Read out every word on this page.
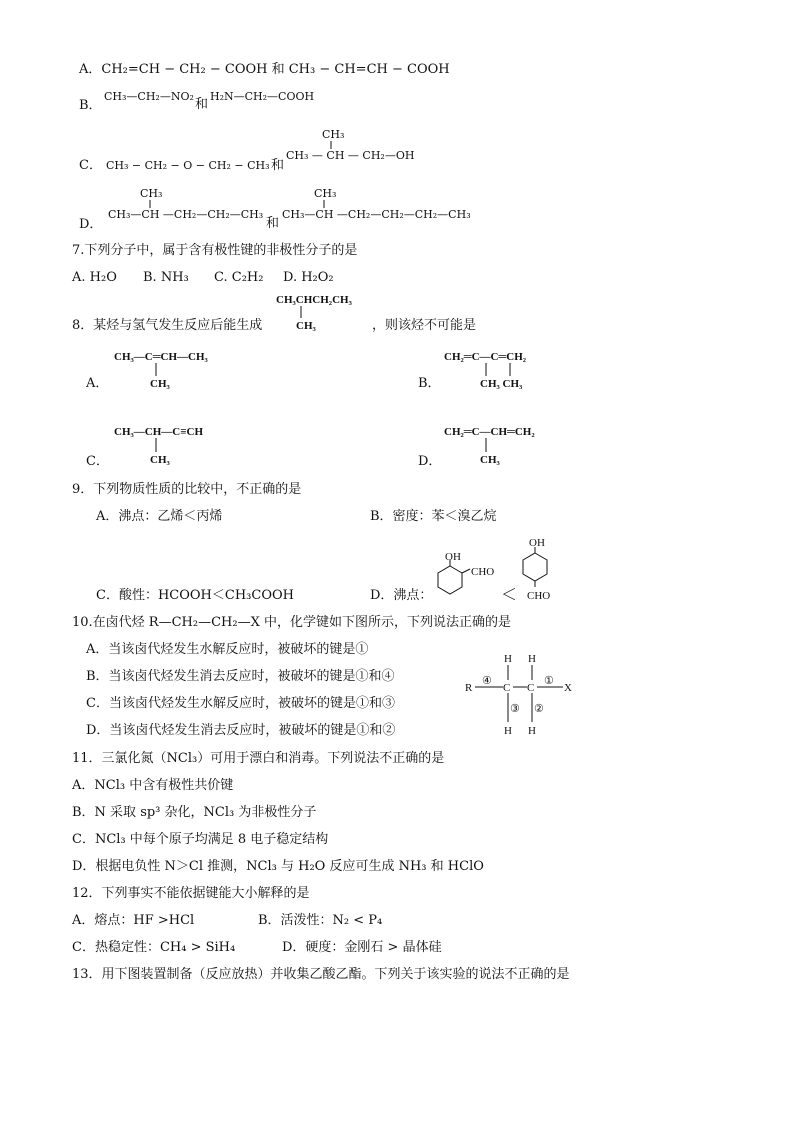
A．CH₂=CH − CH₂ − COOH 和 CH₃ − CH=CH − COOH
B．
CH₃—CH₂—NO₂
和
H₂N—CH₂—COOH
C． CH₃ − CH₂ − O − CH₂ − CH₃ 和
CH₃
CH₃ — CH — CH₂—OH
D．
CH₃
CH₃—CH —CH₂—CH₂—CH₃
和
CH₃
CH₃—CH —CH₂—CH₂—CH₂—CH₃
7.下列分子中，属于含有极性键的非极性分子的是
A. H₂O B. NH₃ C. C₂H₂ D. H₂O₂
8．某烃与氢气发生反应后能生成
CH₃CHCH₂CH₃
CH₃	，则该烃不可能是
A．
CH₃—C═CH—CH₃
CH₃	B．
CH₂═C—C═CH₂
CH₃ CH₃
C．
CH₃—CH—C≡CH
CH₃	D．
CH₂═C—CH═CH₂
CH₃
9．下列物质性质的比较中，不正确的是
A．沸点：乙烯＜丙烯	B．密度：苯＜溴乙烷
C．酸性：HCOOH＜CH₃COOH	D．沸点：
OH
CHO
＜
OH
CHO
10.在卤代烃 R—CH₂—CH₂—X 中，化学键如下图所示，下列说法正确的是
A．当该卤代烃发生水解反应时，被破坏的键是①
B．当该卤代烃发生消去反应时，被破坏的键是①和④
C．当该卤代烃发生水解反应时，被破坏的键是①和③
D．当该卤代烃发生消去反应时，被破坏的键是①和②
R
④
C C
①
X
H H
③ ②
H H
11．三氯化氮（NCl₃）可用于漂白和消毒。下列说法不正确的是
A．NCl₃ 中含有极性共价键
B．N 采取 sp³ 杂化，NCl₃ 为非极性分子
C．NCl₃ 中每个原子均满足 8 电子稳定结构
D．根据电负性 N＞Cl 推测，NCl₃ 与 H₂O 反应可生成 NH₃ 和 HClO
12．下列事实不能依据键能大小解释的是
A．熔点：HF >HCl	B．活泼性：N₂ < P₄
C．热稳定性：CH₄ > SiH₄	D．硬度：金刚石 > 晶体硅
13．用下图装置制备（反应放热）并收集乙酸乙酯。下列关于该实验的说法不正确的是
